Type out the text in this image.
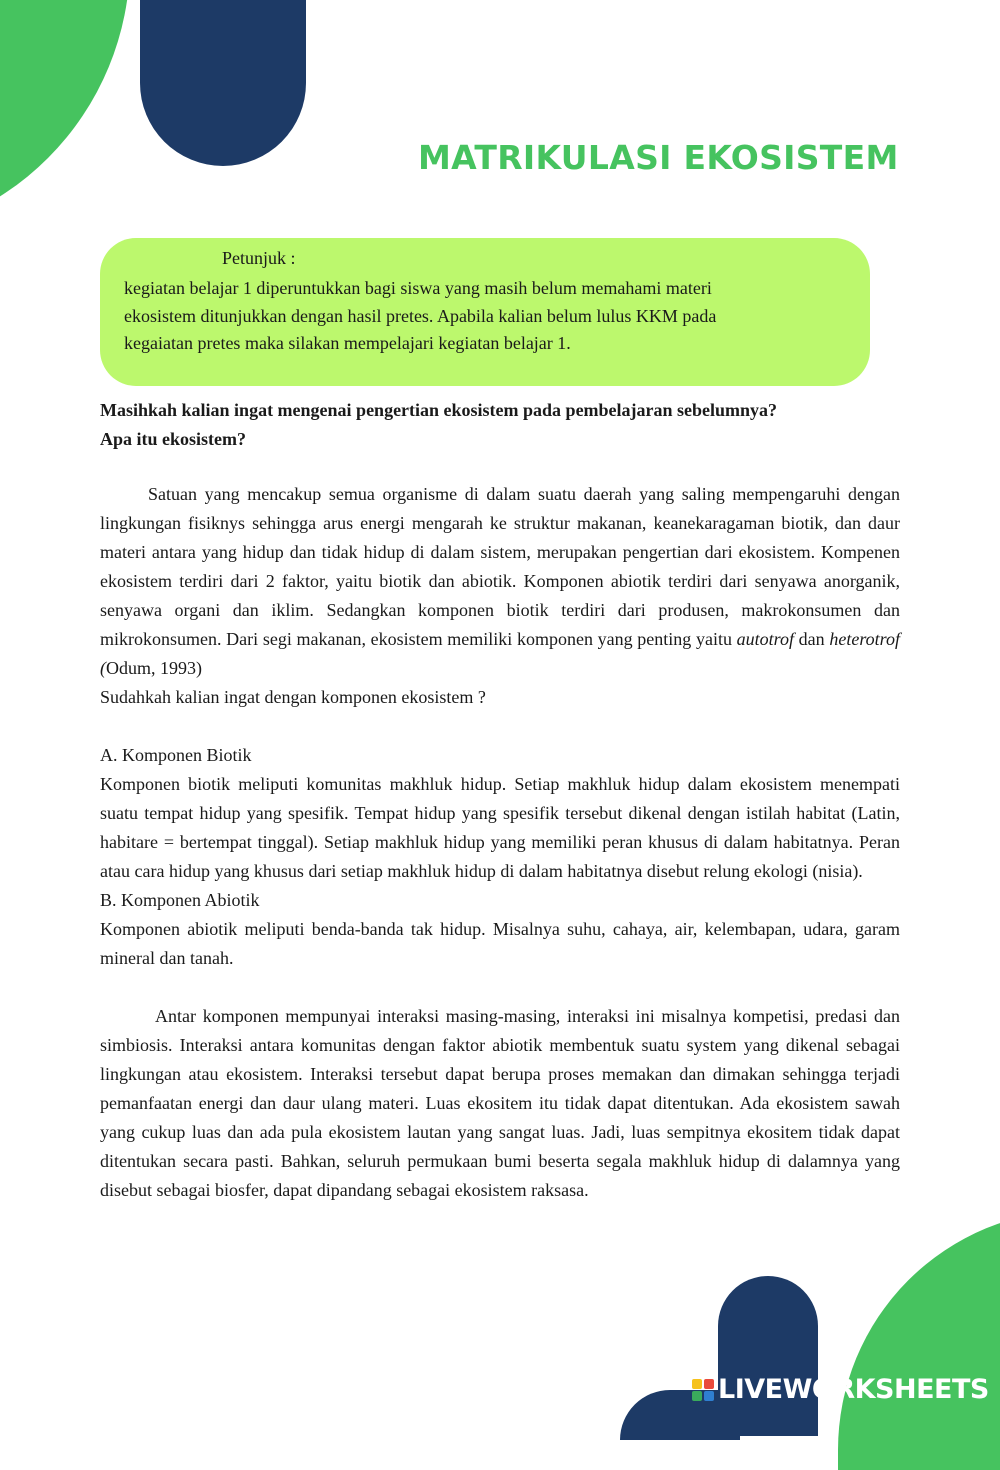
MATRIKULASI EKOSISTEM
Petunjuk :
kegiatan belajar 1 diperuntukkan bagi siswa yang masih belum memahami materi
ekosistem ditunjukkan dengan hasil pretes. Apabila kalian belum lulus KKM pada
kegaiatan pretes maka silakan mempelajari kegiatan belajar 1.

Masihkah kalian ingat mengenai pengertian ekosistem pada pembelajaran sebelumnya?
Apa itu ekosistem?

Satuan yang mencakup semua organisme di dalam suatu daerah yang saling mempengaruhi dengan lingkungan fisiknys sehingga arus energi mengarah ke struktur makanan, keanekaragaman biotik, dan daur materi antara yang hidup dan tidak hidup di dalam sistem, merupakan pengertian dari ekosistem. Kompenen ekosistem terdiri dari 2 faktor, yaitu biotik dan abiotik. Komponen abiotik terdiri dari senyawa anorganik, senyawa organi dan iklim. Sedangkan komponen biotik terdiri dari produsen, makrokonsumen dan mikrokonsumen. Dari segi makanan, ekosistem memiliki komponen yang penting yaitu autotrof dan heterotrof (Odum, 1993)

Sudahkah kalian ingat dengan komponen ekosistem ?

A. Komponen Biotik

Komponen biotik meliputi komunitas makhluk hidup. Setiap makhluk hidup dalam ekosistem menempati suatu tempat hidup yang spesifik. Tempat hidup yang spesifik tersebut dikenal dengan istilah habitat (Latin, habitare = bertempat tinggal). Setiap makhluk hidup yang memiliki peran khusus di dalam habitatnya. Peran atau cara hidup yang khusus dari setiap makhluk hidup di dalam habitatnya disebut relung ekologi (nisia).

B. Komponen Abiotik

Komponen abiotik meliputi benda-banda tak hidup. Misalnya suhu, cahaya, air, kelembapan, udara, garam mineral dan tanah.

Antar komponen mempunyai interaksi masing-masing, interaksi ini misalnya kompetisi, predasi dan simbiosis. Interaksi antara komunitas dengan faktor abiotik membentuk suatu system yang dikenal sebagai lingkungan atau ekosistem. Interaksi tersebut dapat berupa proses memakan dan dimakan sehingga terjadi pemanfaatan energi dan daur ulang materi. Luas ekositem itu tidak dapat ditentukan. Ada ekosistem sawah yang cukup luas dan ada pula ekosistem lautan yang sangat luas. Jadi, luas sempitnya ekositem tidak dapat ditentukan secara pasti. Bahkan, seluruh permukaan bumi beserta segala makhluk hidup di dalamnya yang disebut sebagai biosfer, dapat dipandang sebagai ekosistem raksasa.

LIVEWORKSHEETS
